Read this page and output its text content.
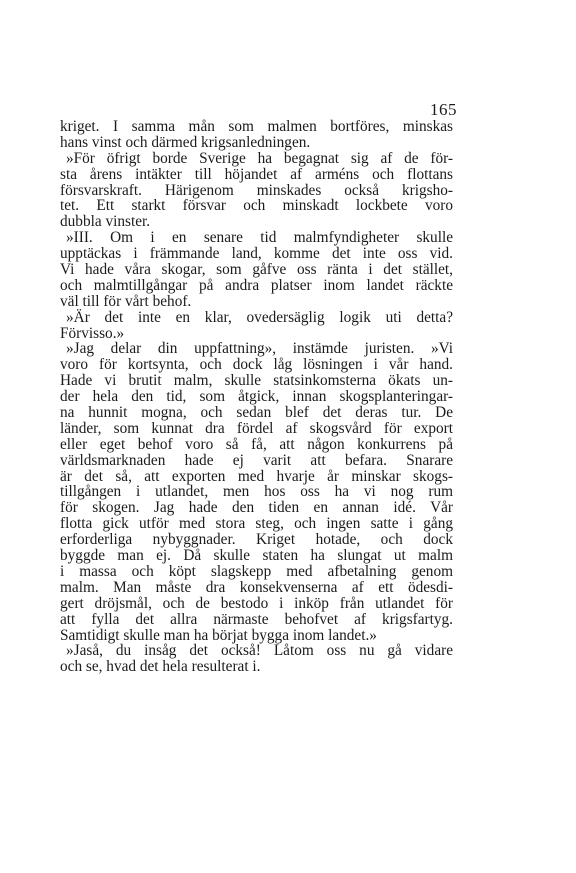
165
kriget. I samma mån som malmen bortföres, minskas
hans vinst och därmed krigsanledningen.
»För öfrigt borde Sverige ha begagnat sig af de för-
sta årens intäkter till höjandet af arméns och flottans
försvarskraft. Härigenom minskades också krigsho-
tet. Ett starkt försvar och minskadt lockbete voro
dubbla vinster.
»III. Om i en senare tid malmfyndigheter skulle
upptäckas i främmande land, komme det inte oss vid.
Vi hade våra skogar, som gåfve oss ränta i det stället,
och malmtillgångar på andra platser inom landet räckte
väl till för vårt behof.
»Är det inte en klar, ovedersäglig logik uti detta?
Förvisso.»
»Jag delar din uppfattning», instämde juristen. »Vi
voro för kortsynta, och dock låg lösningen i vår hand.
Hade vi brutit malm, skulle statsinkomsterna ökats un-
der hela den tid, som åtgick, innan skogsplanteringar-
na hunnit mogna, och sedan blef det deras tur. De
länder, som kunnat dra fördel af skogsvård för export
eller eget behof voro så få, att någon konkurrens på
världsmarknaden hade ej varit att befara. Snarare
är det så, att exporten med hvarje år minskar skogs-
tillgången i utlandet, men hos oss ha vi nog rum
för skogen. Jag hade den tiden en annan idé. Vår
flotta gick utför med stora steg, och ingen satte i gång
erforderliga nybyggnader. Kriget hotade, och dock
byggde man ej. Då skulle staten ha slungat ut malm
i massa och köpt slagskepp med afbetalning genom
malm. Man måste dra konsekvenserna af ett ödesdi-
gert dröjsmål, och de bestodo i inköp från utlandet för
att fylla det allra närmaste behofvet af krigsfartyg.
Samtidigt skulle man ha börjat bygga inom landet.»
»Jaså, du insåg det också! Låtom oss nu gå vidare
och se, hvad det hela resulterat i.
